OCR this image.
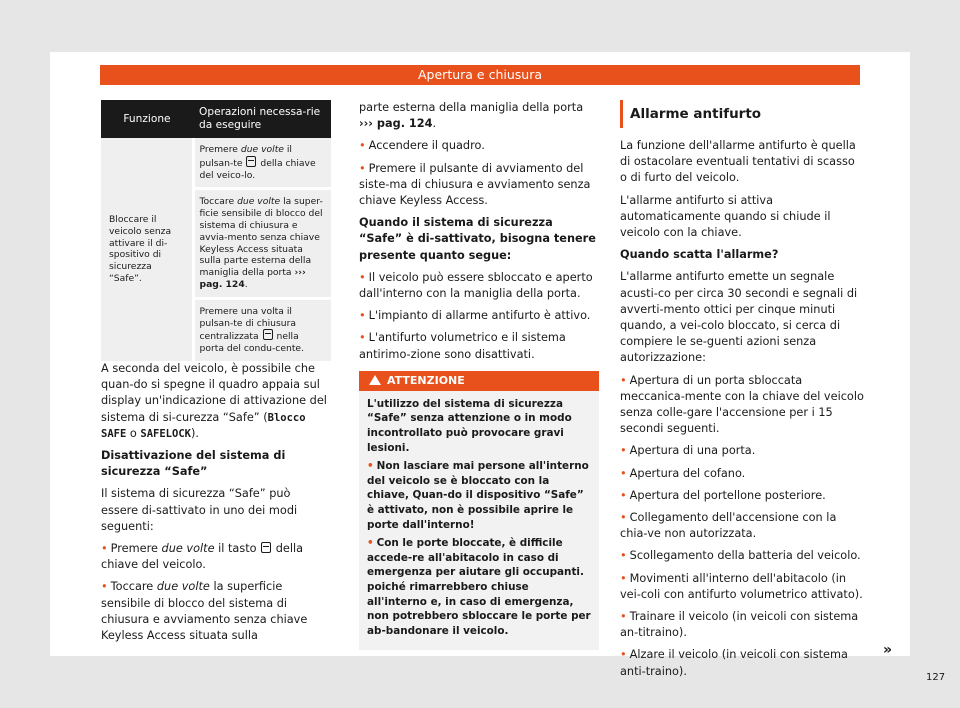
Apertura e chiusura
Funzione	Operazioni necessa-rie da eseguire
Bloccare il veicolo senza attivare il di-spositivo di sicurezza “Safe”.	Premere due volte il pulsan-te  della chiave del veico-lo.
	Toccare due volte la super-ficie sensibile di blocco del sistema di chiusura e avvia-mento senza chiave Keyless Access situata sulla parte esterna della maniglia della porta ››› pag. 124.
	Premere una volta il pulsan-te di chiusura centralizzata  nella porta del condu-cente.

A seconda del veicolo, è possibile che quan-do si spegne il quadro appaia sul display un'indicazione di attivazione del sistema di si-curezza “Safe” (Blocco SAFE o SAFELOCK).

Disattivazione del sistema di sicurezza “Safe”

Il sistema di sicurezza “Safe” può essere di-sattivato in uno dei modi seguenti:

• Premere due volte il tasto  della chiave del veicolo.

• Toccare due volte la superficie sensibile di blocco del sistema di chiusura e avviamento senza chiave Keyless Access situata sulla

parte esterna della maniglia della porta ››› pag. 124.

• Accendere il quadro.

• Premere il pulsante di avviamento del siste-ma di chiusura e avviamento senza chiave Keyless Access.

Quando il sistema di sicurezza “Safe” è di-sattivato, bisogna tenere presente quanto segue:

• Il veicolo può essere sbloccato e aperto dall'interno con la maniglia della porta.

• L'impianto di allarme antifurto è attivo.

• L'antifurto volumetrico e il sistema antirimo-zione sono disattivati.

ATTENZIONE

L'utilizzo del sistema di sicurezza “Safe” senza attenzione o in modo incontrollato può provocare gravi lesioni.

• Non lasciare mai persone all'interno del veicolo se è bloccato con la chiave, Quan-do il dispositivo “Safe” è attivato, non è possibile aprire le porte dall'interno!

• Con le porte bloccate, è difficile accede-re all'abitacolo in caso di emergenza per aiutare gli occupanti. poiché rimarrebbero chiuse all'interno e, in caso di emergenza, non potrebbero sbloccare le porte per ab-bandonare il veicolo.

Allarme antifurto

La funzione dell'allarme antifurto è quella di ostacolare eventuali tentativi di scasso o di furto del veicolo.

L'allarme antifurto si attiva automaticamente quando si chiude il veicolo con la chiave.

Quando scatta l'allarme?

L'allarme antifurto emette un segnale acusti-co per circa 30 secondi e segnali di avverti-mento ottici per cinque minuti quando, a vei-colo bloccato, si cerca di compiere le se-guenti azioni senza autorizzazione:

• Apertura di un porta sbloccata meccanica-mente con la chiave del veicolo senza colle-gare l'accensione per i 15 secondi seguenti.

• Apertura di una porta.

• Apertura del cofano.

• Apertura del portellone posteriore.

• Collegamento dell'accensione con la chia-ve non autorizzata.

• Scollegamento della batteria del veicolo.

• Movimenti all'interno dell'abitacolo (in vei-coli con antifurto volumetrico attivato).

• Trainare il veicolo (in veicoli con sistema an-titraino).

• Alzare il veicolo (in veicoli con sistema anti-traino).

»
127
